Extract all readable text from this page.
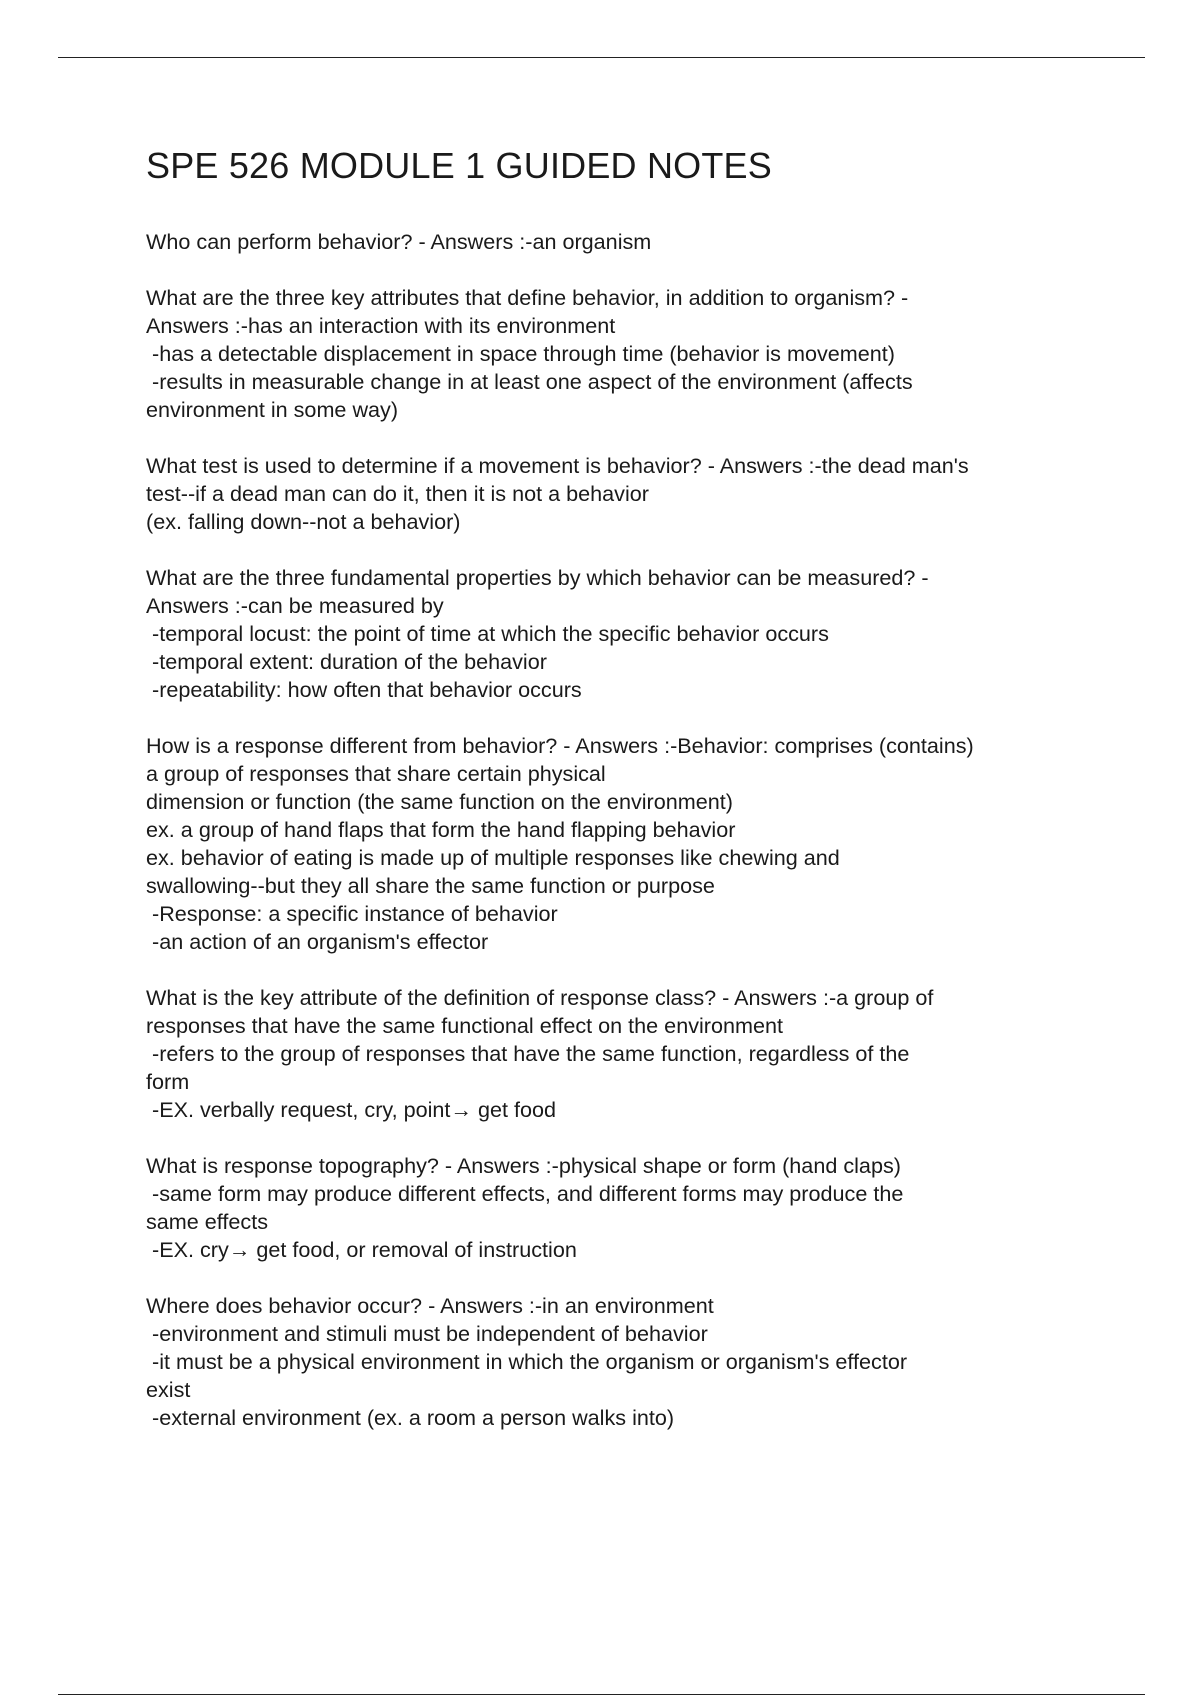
SPE 526 MODULE 1 GUIDED NOTES
Who can perform behavior? - Answers :-an organism
What are the three key attributes that define behavior, in addition to organism? -
Answers :-has an interaction with its environment
-has a detectable displacement in space through time (behavior is movement)
-results in measurable change in at least one aspect of the environment (affects
environment in some way)
What test is used to determine if a movement is behavior? - Answers :-the dead man's
test--if a dead man can do it, then it is not a behavior
(ex. falling down--not a behavior)
What are the three fundamental properties by which behavior can be measured? -
Answers :-can be measured by
-temporal locust: the point of time at which the specific behavior occurs
-temporal extent: duration of the behavior
-repeatability: how often that behavior occurs
How is a response different from behavior? - Answers :-Behavior: comprises (contains)
a group of responses that share certain physical
dimension or function (the same function on the environment)
ex. a group of hand flaps that form the hand flapping behavior
ex. behavior of eating is made up of multiple responses like chewing and
swallowing--but they all share the same function or purpose
-Response: a specific instance of behavior
-an action of an organism's effector
What is the key attribute of the definition of response class? - Answers :-a group of
responses that have the same functional effect on the environment
-refers to the group of responses that have the same function, regardless of the
form
-EX. verbally request, cry, point→ get food
What is response topography? - Answers :-physical shape or form (hand claps)
-same form may produce different effects, and different forms may produce the
same effects
-EX. cry→ get food, or removal of instruction
Where does behavior occur? - Answers :-in an environment
-environment and stimuli must be independent of behavior
-it must be a physical environment in which the organism or organism's effector
exist
-external environment (ex. a room a person walks into)
